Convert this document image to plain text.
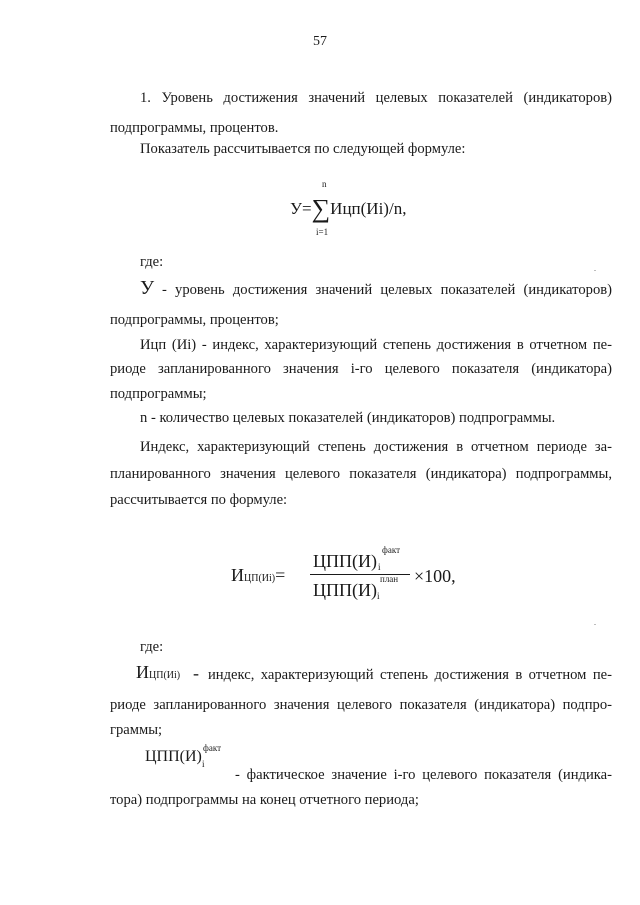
57
1. Уровень достижения значений целевых показателей (индикаторов)
подпрограммы, процентов.
Показатель рассчитывается по следующей формуле:
У=∑Ицп(Иi)/n,
n
i=1
где:
У - уровень достижения значений целевых показателей (индикаторов)
подпрограммы, процентов;
Ицп (Иi) - индекс, характеризующий степень достижения в отчетном пе-
риоде запланированного значения i-го целевого показателя (индикатора)
подпрограммы;
n - количество целевых показателей (индикаторов) подпрограммы.
Индекс, характеризующий степень достижения в отчетном периоде за-
планированного значения целевого показателя (индикатора) подпрограммы,
рассчитывается по формуле:
ИЦП(Иi)=
ЦПП(И)
факт
i
ЦПП(И)
план
i
×100,
где:
ИЦП(Иi) - индекс, характеризующий степень достижения в отчетном пе-
риоде запланированного значения целевого показателя (индикатора) подпро-
граммы;
ЦПП(И) факт
i
- фактическое значение i-го целевого показателя (индика-
тора) подпрограммы на конец отчетного периода;
